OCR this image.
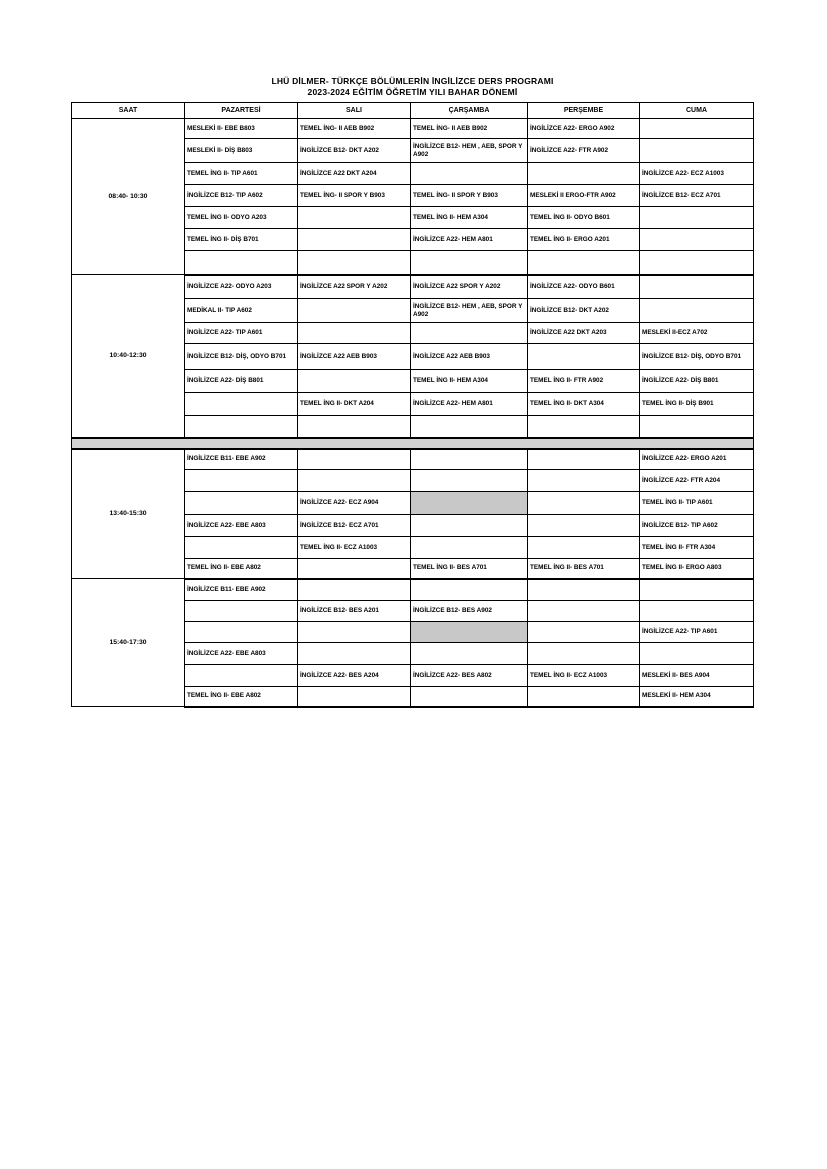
LHÜ DİLMER- TÜRKÇE BÖLÜMLERİN İNGİLİZCE DERS PROGRAMI
2023-2024 EĞİTİM ÖĞRETİM YILI BAHAR DÖNEMİ
SAAT	PAZARTESİ	SALI	ÇARŞAMBA	PERŞEMBE	CUMA
08:40- 10:30	MESLEKİ II- EBE B803	TEMEL İNG- II AEB B902	TEMEL İNG- II AEB B902	İNGİLİZCE A22- ERGO A902	
	MESLEKİ II- DİŞ B803	İNGİLİZCE B12- DKT A202	İNGİLİZCE B12- HEM , AEB, SPOR Y A902	İNGİLİZCE A22- FTR A902	
	TEMEL İNG II- TIP A601	İNGİLİZCE A22 DKT A204			İNGİLİZCE A22- ECZ A1003
	İNGİLİZCE B12- TIP A602	TEMEL İNG- II SPOR Y B903	TEMEL İNG- II SPOR Y B903	MESLEKİ II ERGO-FTR A902	İNGİLİZCE B12- ECZ A701
	TEMEL İNG II- ODYO A203		TEMEL İNG II- HEM A304	TEMEL İNG II- ODYO B601	
	TEMEL İNG II- DİŞ B701		İNGİLİZCE A22- HEM A801	TEMEL İNG II- ERGO A201	

10:40-12:30	İNGİLİZCE A22- ODYO A203	İNGİLİZCE A22 SPOR Y A202	İNGİLİZCE A22 SPOR Y A202	İNGİLİZCE A22- ODYO B601	
	MEDİKAL II- TIP A602		İNGİLİZCE B12- HEM , AEB, SPOR Y A902	İNGİLİZCE B12- DKT A202	
	İNGİLİZCE A22- TIP A601			İNGİLİZCE A22 DKT A203	MESLEKİ II-ECZ A702
	İNGİLİZCE B12- DİŞ, ODYO B701	İNGİLİZCE A22 AEB B903	İNGİLİZCE A22 AEB B903		İNGİLİZCE B12- DİŞ, ODYO B701
	İNGİLİZCE A22- DİŞ B801		TEMEL İNG II- HEM A304	TEMEL İNG II- FTR A902	İNGİLİZCE A22- DİŞ B801
		TEMEL İNG II- DKT A204	İNGİLİZCE A22- HEM A801	TEMEL İNG II- DKT A304	TEMEL İNG II- DİŞ B901

13:40-15:30	İNGİLİZCE B11- EBE A902				İNGİLİZCE A22- ERGO A201
					İNGİLİZCE A22- FTR A204
		İNGİLİZCE A22- ECZ A904			TEMEL İNG II- TIP A601
	İNGİLİZCE A22- EBE A803	İNGİLİZCE B12- ECZ A701			İNGİLİZCE B12- TIP A602
		TEMEL İNG II- ECZ A1003			TEMEL İNG II- FTR A304
	TEMEL İNG II- EBE A802		TEMEL İNG II- BES A701	TEMEL İNG II- BES A701	TEMEL İNG II- ERGO A803
15:40-17:30	İNGİLİZCE B11- EBE A902				
		İNGİLİZCE B12- BES A201	İNGİLİZCE B12- BES A902		
					İNGİLİZCE A22- TIP A601
	İNGİLİZCE A22- EBE A803				
		İNGİLİZCE A22- BES A204	İNGİLİZCE A22- BES A802	TEMEL İNG II- ECZ A1003	MESLEKİ II- BES A904
	TEMEL İNG II- EBE A802				MESLEKİ II- HEM A304
